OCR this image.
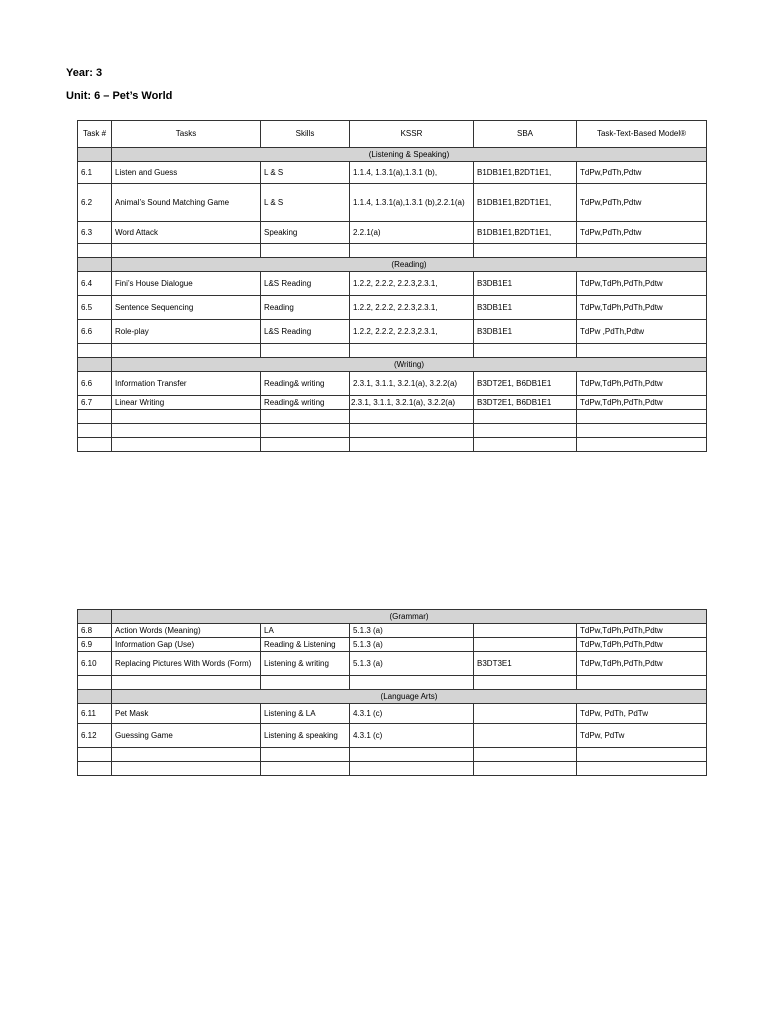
Year: 3
Unit: 6 – Pet’s World
Task #	Tasks	Skills	KSSR	SBA	Task-Text-Based Model®
	(Listening & Speaking)				
6.1	Listen and Guess	L & S	1.1.4, 1.3.1(a),1.3.1 (b),	B1DB1E1,B2DT1E1,	TdPw,PdTh,Pdtw
6.2	Animal’s Sound Matching Game	L & S	1.1.4, 1.3.1(a),1.3.1 (b),2.2.1(a)	B1DB1E1,B2DT1E1,	TdPw,PdTh,Pdtw
6.3	Word Attack	Speaking	2.2.1(a)	B1DB1E1,B2DT1E1,	TdPw,PdTh,Pdtw

	(Reading)				
6.4	Fini’s House Dialogue	L&S Reading	1.2.2, 2.2.2, 2.2.3,2.3.1,	B3DB1E1	TdPw,TdPh,PdTh,Pdtw
6.5	Sentence Sequencing	Reading	1.2.2, 2.2.2, 2.2.3,2.3.1,	B3DB1E1	TdPw,TdPh,PdTh,Pdtw
6.6	Role-play	L&S Reading	1.2.2, 2.2.2, 2.2.3,2.3.1,	B3DB1E1	TdPw ,PdTh,Pdtw

	(Writing)				
6.6	Information Transfer	Reading& writing	2.3.1, 3.1.1, 3.2.1(a), 3.2.2(a)	B3DT2E1, B6DB1E1	TdPw,TdPh,PdTh,Pdtw
6.7	Linear Writing	Reading& writing	2.3.1, 3.1.1, 3.2.1(a), 3.2.2(a)	B3DT2E1, B6DB1E1	TdPw,TdPh,PdTh,Pdtw

	(Grammar)				
6.8	Action Words (Meaning)	LA	5.1.3 (a)		TdPw,TdPh,PdTh,Pdtw
6.9	Information Gap (Use)	Reading & Listening	5.1.3 (a)		TdPw,TdPh,PdTh,Pdtw
6.10	Replacing Pictures With Words (Form)	Listening & writing	5.1.3 (a)	B3DT3E1	TdPw,TdPh,PdTh,Pdtw

	(Language Arts)				
6.11	Pet Mask	Listening & LA	4.3.1 (c)		TdPw, PdTh, PdTw
6.12	Guessing Game	Listening & speaking	4.3.1 (c)		TdPw, PdTw
